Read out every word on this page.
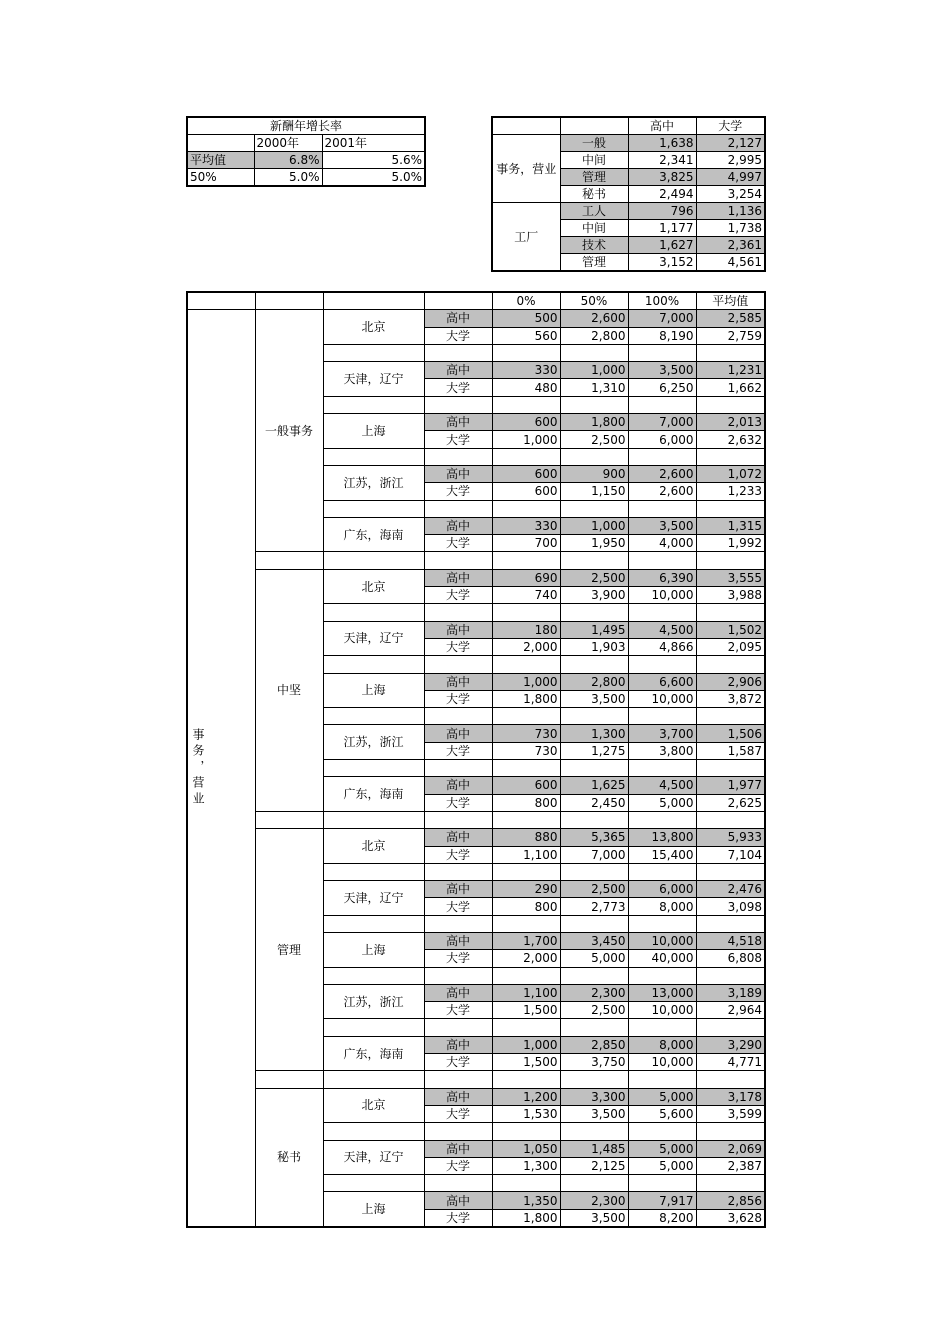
新酬年增长率		
	2000年	2001年
平均值	6.8%	5.6%
50%	5.0%	5.0%
		高中	大学
事务，营业	一般	1,638	2,127
	中间	2,341	2,995
	管理	3,825	4,997
	秘书	2,494	3,254
工厂	工人	796	1,136
	中间	1,177	1,738
	技术	1,627	2,361
	管理	3,152	4,561
				0%	50%	100%	平均值

事务，营业	一般事务	北京	高中	500	2,600	7,000	2,585
			大学	560	2,800	8,190	2,759

		天津，辽宁	高中	330	1,000	3,500	1,231
			大学	480	1,310	6,250	1,662

		上海	高中	600	1,800	7,000	2,013
			大学	1,000	2,500	6,000	2,632

		江苏，浙江	高中	600	900	2,600	1,072
			大学	600	1,150	2,600	1,233

		广东，海南	高中	330	1,000	3,500	1,315
			大学	700	1,950	4,000	1,992

	中坚	北京	高中	690	2,500	6,390	3,555
			大学	740	3,900	10,000	3,988

		天津，辽宁	高中	180	1,495	4,500	1,502
			大学	2,000	1,903	4,866	2,095

		上海	高中	1,000	2,800	6,600	2,906
			大学	1,800	3,500	10,000	3,872

		江苏，浙江	高中	730	1,300	3,700	1,506
			大学	730	1,275	3,800	1,587

		广东，海南	高中	600	1,625	4,500	1,977
			大学	800	2,450	5,000	2,625

	管理	北京	高中	880	5,365	13,800	5,933
			大学	1,100	7,000	15,400	7,104

		天津，辽宁	高中	290	2,500	6,000	2,476
			大学	800	2,773	8,000	3,098

		上海	高中	1,700	3,450	10,000	4,518
			大学	2,000	5,000	40,000	6,808

		江苏，浙江	高中	1,100	2,300	13,000	3,189
			大学	1,500	2,500	10,000	2,964

		广东，海南	高中	1,000	2,850	8,000	3,290
			大学	1,500	3,750	10,000	4,771

	秘书	北京	高中	1,200	3,300	5,000	3,178
			大学	1,530	3,500	5,600	3,599

		天津，辽宁	高中	1,050	1,485	5,000	2,069
			大学	1,300	2,125	5,000	2,387

		上海	高中	1,350	2,300	7,917	2,856
			大学	1,800	3,500	8,200	3,628
